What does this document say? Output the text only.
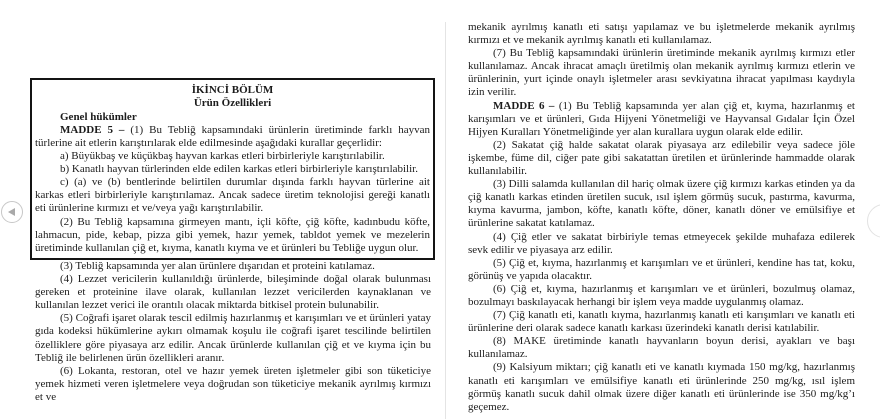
İKİNCİ BÖLÜM

Ürün Özellikleri

Genel hükümler

MADDE 5 – (1) Bu Tebliğ kapsamındaki ürünlerin üretiminde farklı hayvan türlerine ait etlerin karıştırılarak elde edilmesinde aşağıdaki kurallar geçerlidir:

a) Büyükbaş ve küçükbaş hayvan karkas etleri birbirleriyle karıştırılabilir.

b) Kanatlı hayvan türlerinden elde edilen karkas etleri birbirleriyle karıştırılabilir.

c) (a) ve (b) bentlerinde belirtilen durumlar dışında farklı hayvan türlerine ait karkas etleri birbirleriyle karıştırılamaz. Ancak sadece üretim teknolojisi gereği kanatlı eti ürünlerine kırmızı et ve/veya yağı karıştırılabilir.

(2) Bu Tebliğ kapsamına girmeyen mantı, içli köfte, çiğ köfte, kadınbudu köfte, lahmacun, pide, kebap, pizza gibi yemek, hazır yemek, tabldot yemek ve mezelerin üretiminde kullanılan çiğ et, kıyma, kanatlı kıyma ve et ürünleri bu Tebliğe uygun olur.

(3) Tebliğ kapsamında yer alan ürünlere dışarıdan et proteini katılamaz.

(4) Lezzet vericilerin kullanıldığı ürünlerde, bileşiminde doğal olarak bulunması gereken et proteinine ilave olarak, kullanılan lezzet vericilerden kaynaklanan ve kullanılan lezzet verici ile orantılı olacak miktarda bitkisel protein bulunabilir.

(5) Coğrafi işaret olarak tescil edilmiş hazırlanmış et karışımları ve et ürünleri yatay gıda kodeksi hükümlerine aykırı olmamak koşulu ile coğrafi işaret tescilinde belirtilen özelliklere göre piyasaya arz edilir. Ancak ürünlerde kullanılan çiğ et ve kıyma için bu Tebliğ ile belirlenen ürün özellikleri aranır.

(6) Lokanta, restoran, otel ve hazır yemek üreten işletmeler gibi son tüketiciye yemek hizmeti veren işletmelere veya doğrudan son tüketiciye mekanik ayrılmış kırmızı et ve

mekanik ayrılmış kanatlı eti satışı yapılamaz ve bu işletmelerde mekanik ayrılmış kırmızı et ve mekanik ayrılmış kanatlı eti kullanılamaz.

(7) Bu Tebliğ kapsamındaki ürünlerin üretiminde mekanik ayrılmış kırmızı etler kullanılamaz. Ancak ihracat amaçlı üretilmiş olan mekanik ayrılmış kırmızı etlerin ve ürünlerinin, yurt içinde onaylı işletmeler arası sevkiyatına ihracat yapılması kaydıyla izin verilir.

MADDE 6 – (1) Bu Tebliğ kapsamında yer alan çiğ et, kıyma, hazırlanmış et karışımları ve et ürünleri, Gıda Hijyeni Yönetmeliği ve Hayvansal Gıdalar İçin Özel Hijyen Kuralları Yönetmeliğinde yer alan kurallara uygun olarak elde edilir.

(2) Sakatat çiğ halde sakatat olarak piyasaya arz edilebilir veya sadece jöle işkembe, füme dil, ciğer pate gibi sakatattan üretilen et ürünlerinde hammadde olarak kullanılabilir.

(3) Dilli salamda kullanılan dil hariç olmak üzere çiğ kırmızı karkas etinden ya da çiğ kanatlı karkas etinden üretilen sucuk, ısıl işlem görmüş sucuk, pastırma, kavurma, kıyma kavurma, jambon, köfte, kanatlı köfte, döner, kanatlı döner ve emülsifiye et ürünlerine sakatat katılamaz.

(4) Çiğ etler ve sakatat birbiriyle temas etmeyecek şekilde muhafaza edilerek sevk edilir ve piyasaya arz edilir.

(5) Çiğ et, kıyma, hazırlanmış et karışımları ve et ürünleri, kendine has tat, koku, görünüş ve yapıda olacaktır.

(6) Çiğ et, kıyma, hazırlanmış et karışımları ve et ürünleri, bozulmuş olamaz, bozulmayı baskılayacak herhangi bir işlem veya madde uygulanmış olamaz.

(7) Çiğ kanatlı eti, kanatlı kıyma, hazırlanmış kanatlı eti karışımları ve kanatlı eti ürünlerine deri olarak sadece kanatlı karkası üzerindeki kanatlı derisi katılabilir.

(8) MAKE üretiminde kanatlı hayvanların boyun derisi, ayakları ve başı kullanılamaz.

(9) Kalsiyum miktarı; çiğ kanatlı eti ve kanatlı kıymada 150 mg/kg, hazırlanmış kanatlı eti karışımları ve emülsifiye kanatlı eti ürünlerinde 250 mg/kg, ısıl işlem görmüş kanatlı sucuk dahil olmak üzere diğer kanatlı eti ürünlerinde ise 350 mg/kg’ı geçemez.
